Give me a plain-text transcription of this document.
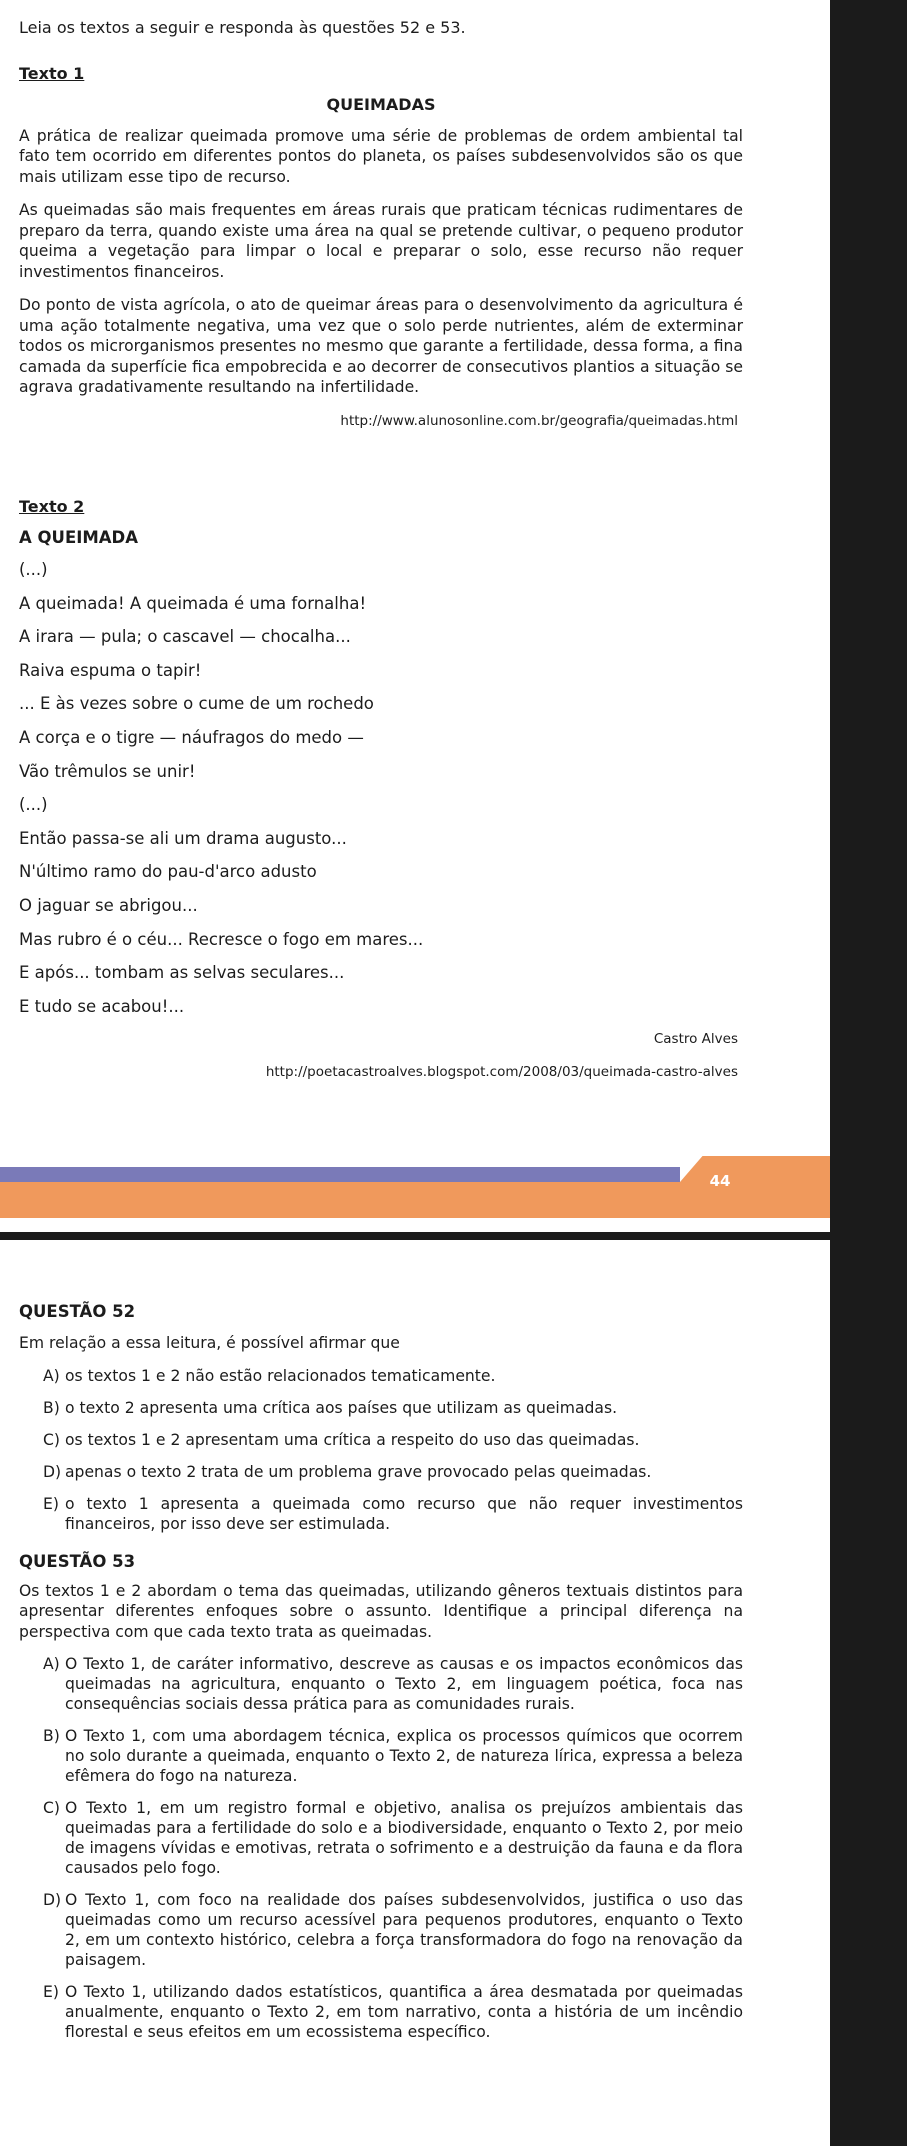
Leia os textos a seguir e responda às questões 52 e 53.

Texto 1
QUEIMADAS

A prática de realizar queimada promove uma série de problemas de ordem ambiental tal fato tem ocorrido em diferentes pontos do planeta, os países subdesenvolvidos são os que mais utilizam esse tipo de recurso.

As queimadas são mais frequentes em áreas rurais que praticam técnicas rudimentares de preparo da terra, quando existe uma área na qual se pretende cultivar, o pequeno produtor queima a vegetação para limpar o local e preparar o solo, esse recurso não requer investimentos financeiros.

Do ponto de vista agrícola, o ato de queimar áreas para o desenvolvimento da agricultura é uma ação totalmente negativa, uma vez que o solo perde nutrientes, além de exterminar todos os microrganismos presentes no mesmo que garante a fertilidade, dessa forma, a fina camada da superfície fica empobrecida e ao decorrer de consecutivos plantios a situação se agrava gradativamente resultando na infertilidade.

http://www.alunosonline.com.br/geografia/queimadas.html

Texto 2
A QUEIMADA
(...)
A queimada! A queimada é uma fornalha!
A irara — pula; o cascavel — chocalha...
Raiva espuma o tapir!
... E às vezes sobre o cume de um rochedo
A corça e o tigre — náufragos do medo —
Vão trêmulos se unir!
(...)
Então passa-se ali um drama augusto...
N'último ramo do pau-d'arco adusto
O jaguar se abrigou...
Mas rubro é o céu... Recresce o fogo em mares...
E após... tombam as selvas seculares...
E tudo se acabou!...

Castro Alves

http://poetacastroalves.blogspot.com/2008/03/queimada-castro-alves

44
QUESTÃO 52

Em relação a essa leitura, é possível afirmar que

A) os textos 1 e 2 não estão relacionados tematicamente.
B) o texto 2 apresenta uma crítica aos países que utilizam as queimadas.
C) os textos 1 e 2 apresentam uma crítica a respeito do uso das queimadas.
D) apenas o texto 2 trata de um problema grave provocado pelas queimadas.
E) o texto 1 apresenta a queimada como recurso que não requer investimentos financeiros, por isso deve ser estimulada.
QUESTÃO 53

Os textos 1 e 2 abordam o tema das queimadas, utilizando gêneros textuais distintos para apresentar diferentes enfoques sobre o assunto. Identifique a principal diferença na perspectiva com que cada texto trata as queimadas.

A) O Texto 1, de caráter informativo, descreve as causas e os impactos econômicos das queimadas na agricultura, enquanto o Texto 2, em linguagem poética, foca nas consequências sociais dessa prática para as comunidades rurais.
B) O Texto 1, com uma abordagem técnica, explica os processos químicos que ocorrem no solo durante a queimada, enquanto o Texto 2, de natureza lírica, expressa a beleza efêmera do fogo na natureza.
C) O Texto 1, em um registro formal e objetivo, analisa os prejuízos ambientais das queimadas para a fertilidade do solo e a biodiversidade, enquanto o Texto 2, por meio de imagens vívidas e emotivas, retrata o sofrimento e a destruição da fauna e da flora causados pelo fogo.
D) O Texto 1, com foco na realidade dos países subdesenvolvidos, justifica o uso das queimadas como um recurso acessível para pequenos produtores, enquanto o Texto 2, em um contexto histórico, celebra a força transformadora do fogo na renovação da paisagem.
E) O Texto 1, utilizando dados estatísticos, quantifica a área desmatada por queimadas anualmente, enquanto o Texto 2, em tom narrativo, conta a história de um incêndio florestal e seus efeitos em um ecossistema específico.
